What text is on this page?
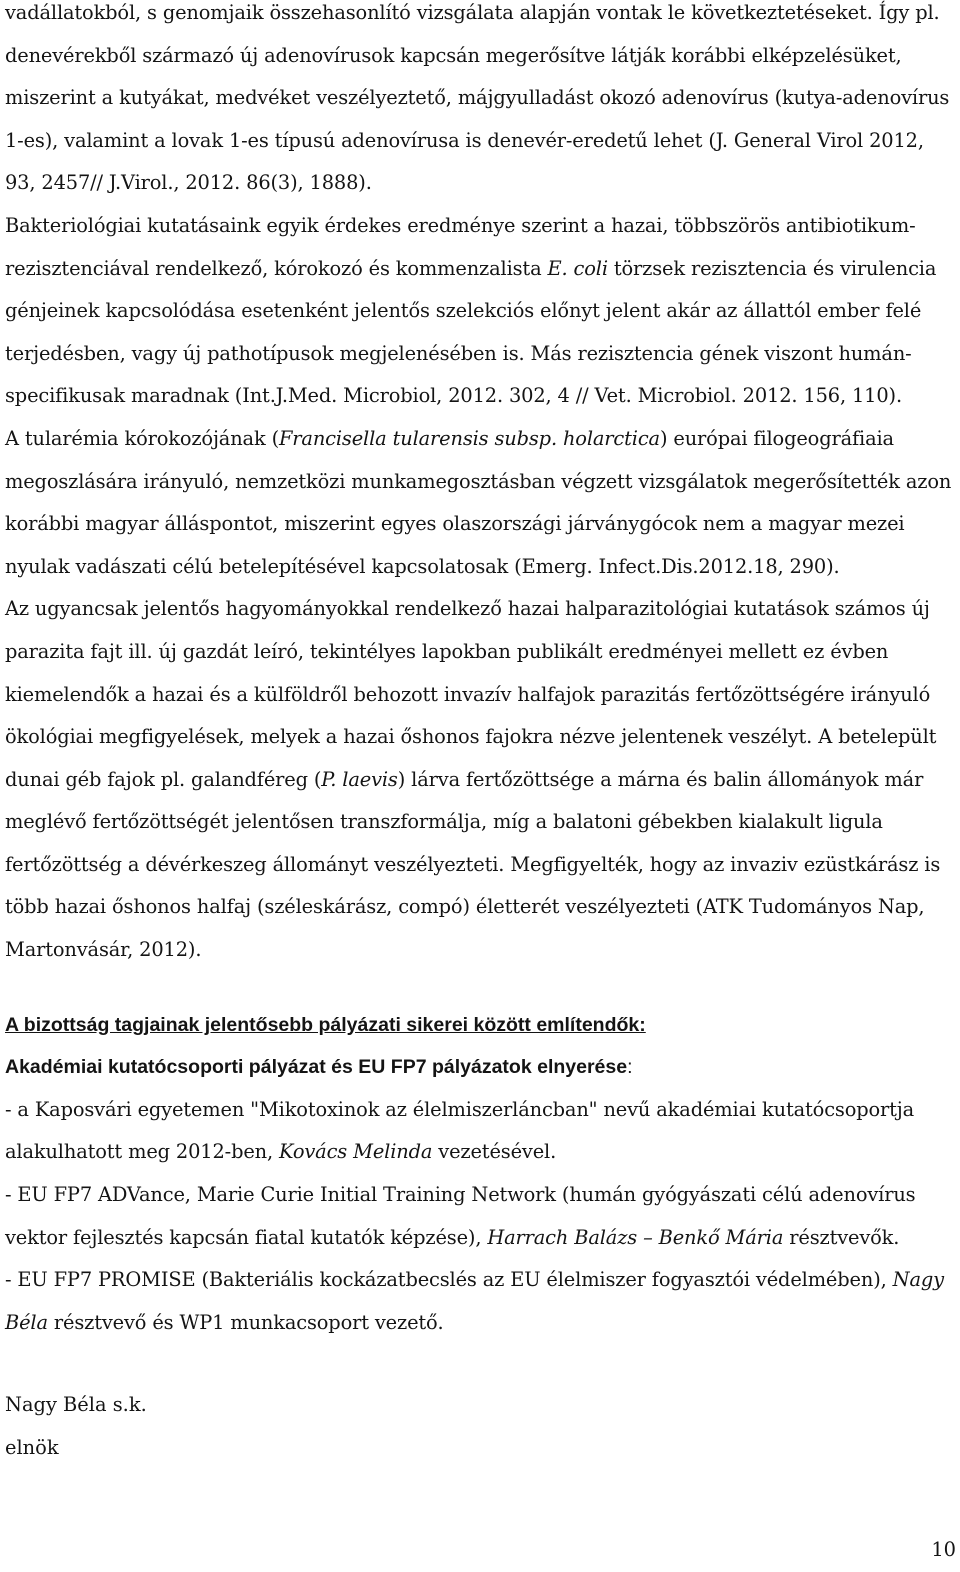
vadállatokból, s genomjaik összehasonlító vizsgálata alapján vontak le következtetéseket. Így pl. denevérekből származó új adenovírusok kapcsán megerősítve látják korábbi elképzelésüket, miszerint a kutyákat, medvéket veszélyeztető, májgyulladást okozó adenovírus (kutya-adenovírus 1-es), valamint a lovak 1-es típusú adenovírusa is denevér-eredetű lehet (J. General Virol 2012, 93, 2457// J.Virol., 2012. 86(3), 1888).

Bakteriológiai kutatásaink egyik érdekes eredménye szerint a hazai, többszörös antibiotikum-rezisztenciával rendelkező, kórokozó és kommenzalista E. coli törzsek rezisztencia és virulencia génjeinek kapcsolódása esetenként jelentős szelekciós előnyt jelent akár az állattól ember felé terjedésben, vagy új pathotípusok megjelenésében is. Más rezisztencia gének viszont humán-specifikusak maradnak (Int.J.Med. Microbiol, 2012. 302, 4 // Vet. Microbiol. 2012. 156, 110).

A tularémia kórokozójának (Francisella tularensis subsp. holarctica) európai filogeográfiaia megoszlására irányuló, nemzetközi munkamegosztásban végzett vizsgálatok megerősítették azon korábbi magyar álláspontot, miszerint egyes olaszországi járványgócok nem a magyar mezei nyulak vadászati célú betelepítésével kapcsolatosak (Emerg. Infect.Dis.2012.18, 290).

Az ugyancsak jelentős hagyományokkal rendelkező hazai halparazitológiai kutatások számos új parazita fajt ill. új gazdát leíró, tekintélyes lapokban publikált eredményei mellett ez évben kiemelendők a hazai és a külföldről behozott invazív halfajok parazitás fertőzöttségére irányuló ökológiai megfigyelések, melyek a hazai őshonos fajokra nézve jelentenek veszélyt. A betelepült dunai géb fajok pl. galandféreg (P. laevis) lárva fertőzöttsége a márna és balin állományok már meglévő fertőzöttségét jelentősen transzformálja, míg a balatoni gébekben kialakult ligula fertőzöttség a dévérkeszeg állományt veszélyezteti. Megfigyelték, hogy az invaziv ezüstkárász is több hazai őshonos halfaj (széleskárász, compó) életterét veszélyezteti (ATK Tudományos Nap, Martonvásár, 2012).

A bizottság tagjainak jelentősebb pályázati sikerei között említendők:

Akadémiai kutatócsoporti pályázat és EU FP7 pályázatok elnyerése:

- a Kaposvári egyetemen "Mikotoxinok az élelmiszerláncban" nevű akadémiai kutatócsoportja alakulhatott meg 2012-ben, Kovács Melinda vezetésével.

- EU FP7 ADVance, Marie Curie Initial Training Network (humán gyógyászati célú adenovírus vektor fejlesztés kapcsán fiatal kutatók képzése), Harrach Balázs – Benkő Mária résztvevők.

- EU FP7 PROMISE (Bakteriális kockázatbecslés az EU élelmiszer fogyasztói védelmében), Nagy Béla résztvevő és WP1 munkacsoport vezető.

Nagy Béla s.k.

elnök

10
